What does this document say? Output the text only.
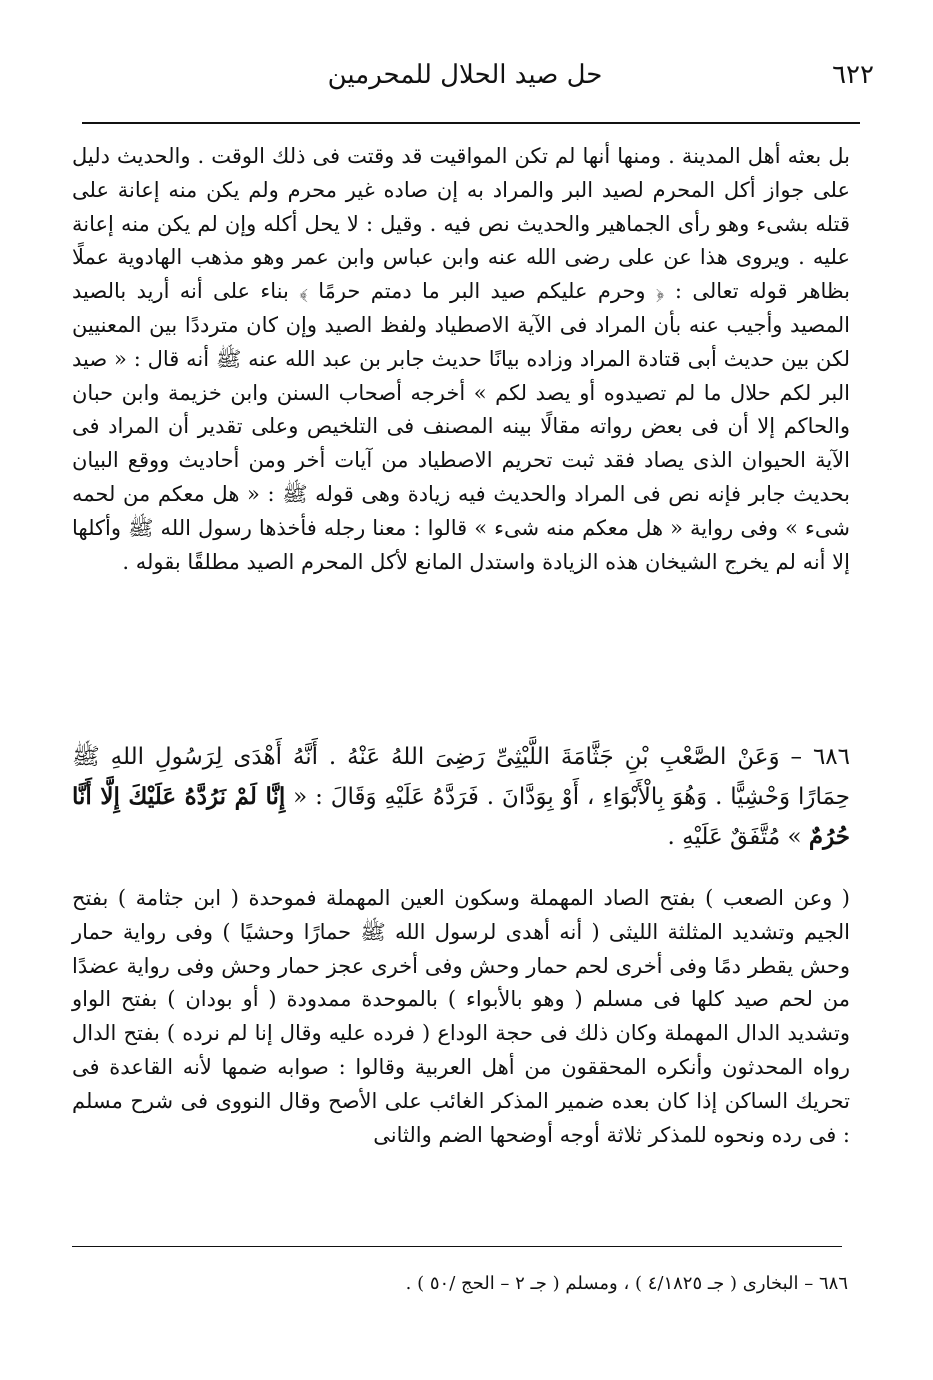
٦٢٢
حل صيد الحلال للمحرمين

بل بعثه أهل المدينة . ومنها أنها لم تكن المواقيت قد وقتت فى ذلك الوقت . والحديث دليل على جواز أكل المحرم لصيد البر والمراد به إن صاده غير محرم ولم يكن منه إعانة على قتله بشىء وهو رأى الجماهير والحديث نص فيه . وقيل : لا يحل أكله وإن لم يكن منه إعانة عليه . ويروى هذا عن على رضى الله عنه وابن عباس وابن عمر وهو مذهب الهادوية عملًا بظاهر قوله تعالى : ﴿ وحرم عليكم صيد البر ما دمتم حرمًا ﴾ بناء على أنه أريد بالصيد المصيد وأجيب عنه بأن المراد فى الآية الاصطياد ولفظ الصيد وإن كان مترددًا بين المعنيين لكن بين حديث أبى قتادة المراد وزاده بيانًا حديث جابر بن عبد الله عنه ﷺ أنه قال : « صيد البر لكم حلال ما لم تصيدوه أو يصد لكم » أخرجه أصحاب السنن وابن خزيمة وابن حبان والحاكم إلا أن فى بعض رواته مقالًا بينه المصنف فى التلخيص وعلى تقدير أن المراد فى الآية الحيوان الذى يصاد فقد ثبت تحريم الاصطياد من آيات أخر ومن أحاديث ووقع البيان بحديث جابر فإنه نص فى المراد والحديث فيه زيادة وهى قوله ﷺ : « هل معكم من لحمه شىء » وفى رواية « هل معكم منه شىء » قالوا : معنا رجله فأخذها رسول الله ﷺ وأكلها إلا أنه لم يخرج الشيخان هذه الزيادة واستدل المانع لأكل المحرم الصيد مطلقًا بقوله .

٦٨٦ – وَعَنْ الصَّعْبِ بْنِ جَثَّامَةَ اللَّيْثِىِّ رَضِىَ اللهُ عَنْهُ . أَنَّهُ أَهْدَى لِرَسُولِ اللهِ ﷺ حِمَارًا وَحْشِيًّا . وَهُوَ بِالْأَبْوَاءِ ، أَوْ بِوَدَّانَ . فَرَدَّهُ عَلَيْهِ وَقَالَ : « إِنَّا لَمْ نَرُدَّهُ عَلَيْكَ إِلَّا أَنَّا حُرُمٌ » مُتَّفَقٌ عَلَيْهِ .

( وعن الصعب ) بفتح الصاد المهملة وسكون العين المهملة فموحدة ( ابن جثامة ) بفتح الجيم وتشديد المثلثة الليثى ( أنه أهدى لرسول الله ﷺ حمارًا وحشيًا ) وفى رواية حمار وحش يقطر دمًا وفى أخرى لحم حمار وحش وفى أخرى عجز حمار وحش وفى رواية عضدًا من لحم صيد كلها فى مسلم ( وهو بالأبواء ) بالموحدة ممدودة ( أو بودان ) بفتح الواو وتشديد الدال المهملة وكان ذلك فى حجة الوداع ( فرده عليه وقال إنا لم نرده ) بفتح الدال رواه المحدثون وأنكره المحققون من أهل العربية وقالوا : صوابه ضمها لأنه القاعدة فى تحريك الساكن إذا كان بعده ضمير المذكر الغائب على الأصح وقال النووى فى شرح مسلم : فى رده ونحوه للمذكر ثلاثة أوجه أوضحها الضم والثانى

٦٨٦ – البخارى ( جـ ٤/١٨٢٥ ) ، ومسلم ( جـ ٢ – الحج /٥٠ ) .
